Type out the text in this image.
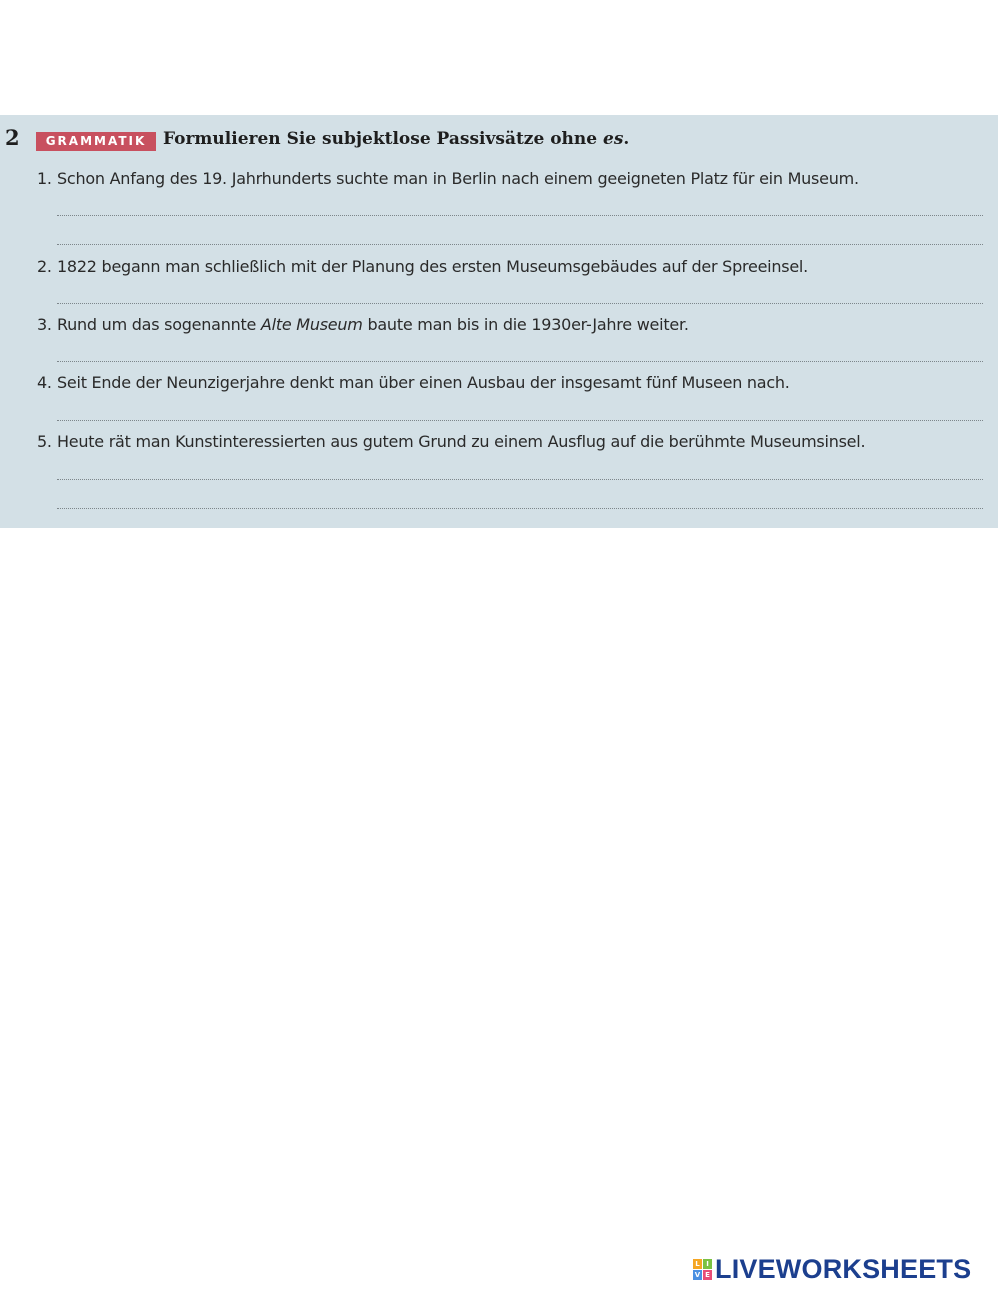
2	GRAMMATIK Formulieren Sie subjektlose Passivsätze ohne es.
1. Schon Anfang des 19. Jahrhunderts suchte man in Berlin nach einem geeigneten Platz für ein Museum.
2. 1822 begann man schließlich mit der Planung des ersten Museumsgebäudes auf der Spreeinsel.
3. Rund um das sogenannte Alte Museum baute man bis in die 1930er-Jahre weiter.
4. Seit Ende der Neunzigerjahre denkt man über einen Ausbau der insgesamt fünf Museen nach.
5. Heute rät man Kunstinteressierten aus gutem Grund zu einem Ausflug auf die berühmte Museumsinsel.
L I
V E LIVEWORKSHEETS
